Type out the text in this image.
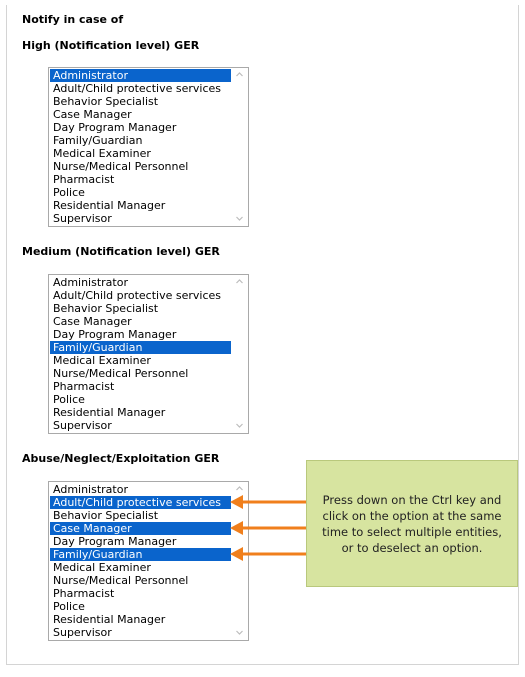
Notify in case of
High (Notification level) GER
Administrator
Adult/Child protective services
Behavior Specialist
Case Manager
Day Program Manager
Family/Guardian
Medical Examiner
Nurse/Medical Personnel
Pharmacist
Police
Residential Manager
Supervisor
Medium (Notification level) GER
Administrator
Adult/Child protective services
Behavior Specialist
Case Manager
Day Program Manager
Family/Guardian
Medical Examiner
Nurse/Medical Personnel
Pharmacist
Police
Residential Manager
Supervisor
Abuse/Neglect/Exploitation GER
Administrator
Adult/Child protective services
Behavior Specialist
Case Manager
Day Program Manager
Family/Guardian
Medical Examiner
Nurse/Medical Personnel
Pharmacist
Police
Residential Manager
Supervisor
Press down on the Ctrl key and click on the option at the same time to select multiple entities, or to deselect an option.
